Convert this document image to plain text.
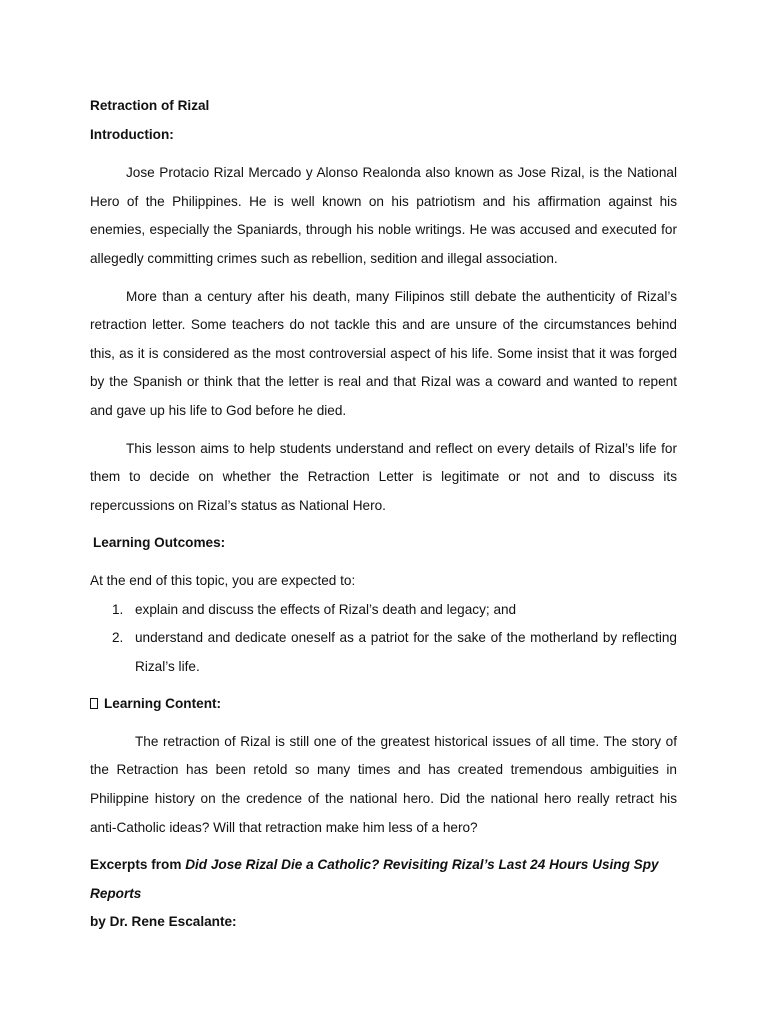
Retraction of Rizal

Introduction:

Jose Protacio Rizal Mercado y Alonso Realonda also known as Jose Rizal, is the National Hero of the Philippines. He is well known on his patriotism and his affirmation against his enemies, especially the Spaniards, through his noble writings. He was accused and executed for allegedly committing crimes such as rebellion, sedition and illegal association.

More than a century after his death, many Filipinos still debate the authenticity of Rizal’s retraction letter. Some teachers do not tackle this and are unsure of the circumstances behind this, as it is considered as the most controversial aspect of his life. Some insist that it was forged by the Spanish or think that the letter is real and that Rizal was a coward and wanted to repent and gave up his life to God before he died.

This lesson aims to help students understand and reflect on every details of Rizal’s life for them to decide on whether the Retraction Letter is legitimate or not and to discuss its repercussions on Rizal’s status as National Hero.

Learning Outcomes:

At the end of this topic, you are expected to:

1. explain and discuss the effects of Rizal’s death and legacy; and
2. understand and dedicate oneself as a patriot for the sake of the motherland by reflecting Rizal’s life.

Learning Content:

The retraction of Rizal is still one of the greatest historical issues of all time. The story of the Retraction has been retold so many times and has created tremendous ambiguities in Philippine history on the credence of the national hero. Did the national hero really retract his anti-Catholic ideas? Will that retraction make him less of a hero?

Excerpts from Did Jose Rizal Die a Catholic? Revisiting Rizal’s Last 24 Hours Using Spy Reports

by Dr. Rene Escalante:
